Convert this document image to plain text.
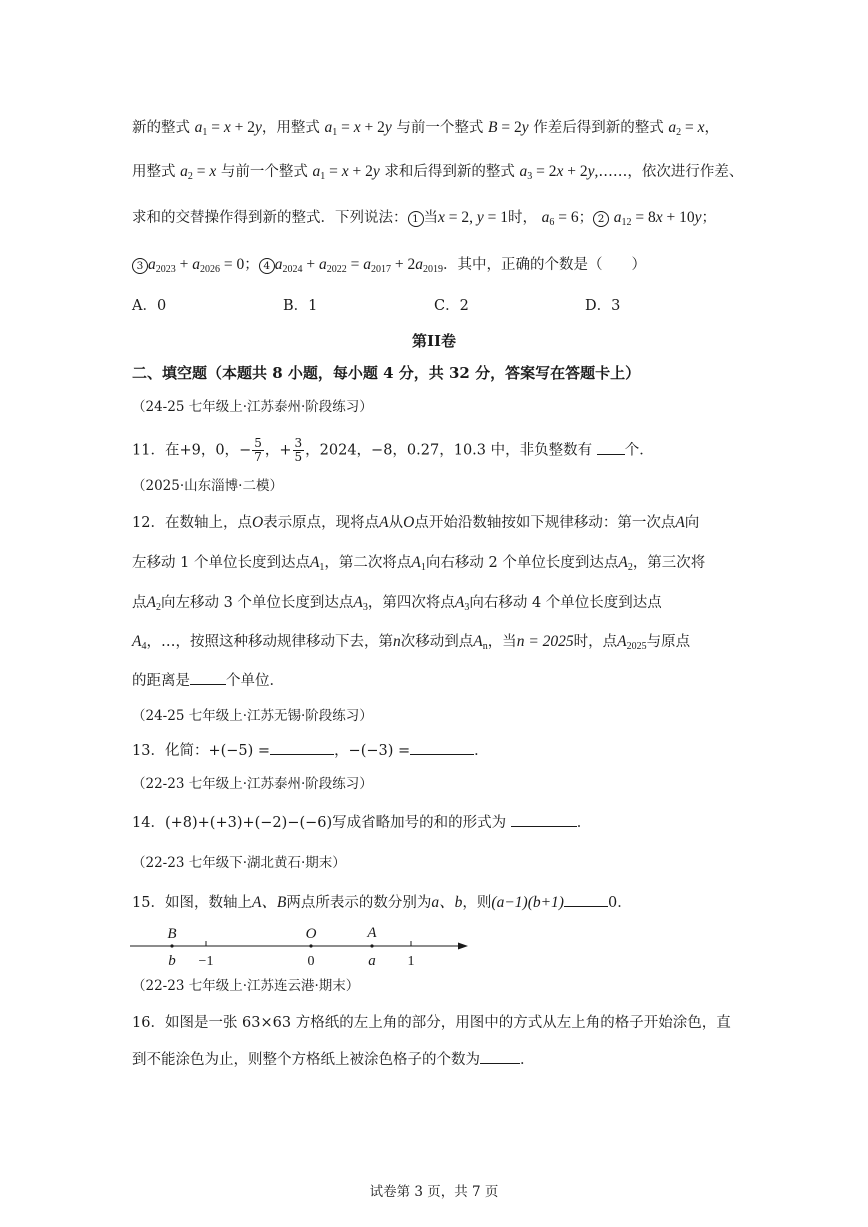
新的整式 $a_1 = x + 2y$，用整式 $a_1 = x + 2y$ 与前一个整式 B = 2y 作差后得到新的整式 $a_2 = x$，
用整式 $a_2 = x$ 与前一个整式 $a_1 = x + 2y$ 求和后得到新的整式 $a_3 = 2x$ + 2y,……，依次进行作差、
求和的交替操作得到新的整式．下列说法： 1 当x = 2, y = 1时， $a_6 = 6$； 2 $a_{12} = 8x + 10y$；
3 $a_{2023} + a_{2026} = 0$； 4 $a_{2024} + a_{2022} = a_{2017} + 2a_{2019}$．其中，正确的个数是（　　）
A．0	B．1	C．2	D．3
第II卷
二、填空题（本题共 8 小题，每小题 4 分，共 32 分，答案写在答题卡上）
（24-25 七年级上·江苏泰州·阶段练习）
11．在+9，0，− $\frac{5}{7}$ ，+ $\frac{3}{5}$ ，2024，−8，0.27，10.3 中，非负整数有 个．
（2025·山东淄博·二模）
12．在数轴上，点O表示原点，现将点A从O点开始沿数轴按如下规律移动：第一次点A向
左移动 1 个单位长度到达点$A_1$，第二次将点$A_1$向右移动 2 个单位长度到达点$A_2$，第三次将
点$A_2$向左移动 3 个单位长度到达点$A_3$，第四次将点$A_3$向右移动 4 个单位长度到达点
$A_4$，…，按照这种移动规律移动下去，第n次移动到点$A_n$，当n = 2025时，点$A_{2025}$与原点
的距离是 个单位．
（24-25 七年级上·江苏无锡·阶段练习）
13．化简：+(−5) =	，−(−3) =	．
（22-23 七年级上·江苏泰州·阶段练习）
14．(+8)+(+3)+(−2)−(−6)写成省略加号的和的形式为	．
（22-23 七年级下·湖北黄石·期末）
15．如图，数轴上A、B两点所表示的数分别为a、b，则(a−1)(b+1)	0．
B	O	A
b −1	0	a 1
（22-23 七年级上·江苏连云港·期末）
16．如图是一张 63×63 方格纸的左上角的部分，用图中的方式从左上角的格子开始涂色，直
到不能涂色为止，则整个方格纸上被涂色格子的个数为	．
试卷第 3 页，共 7 页
